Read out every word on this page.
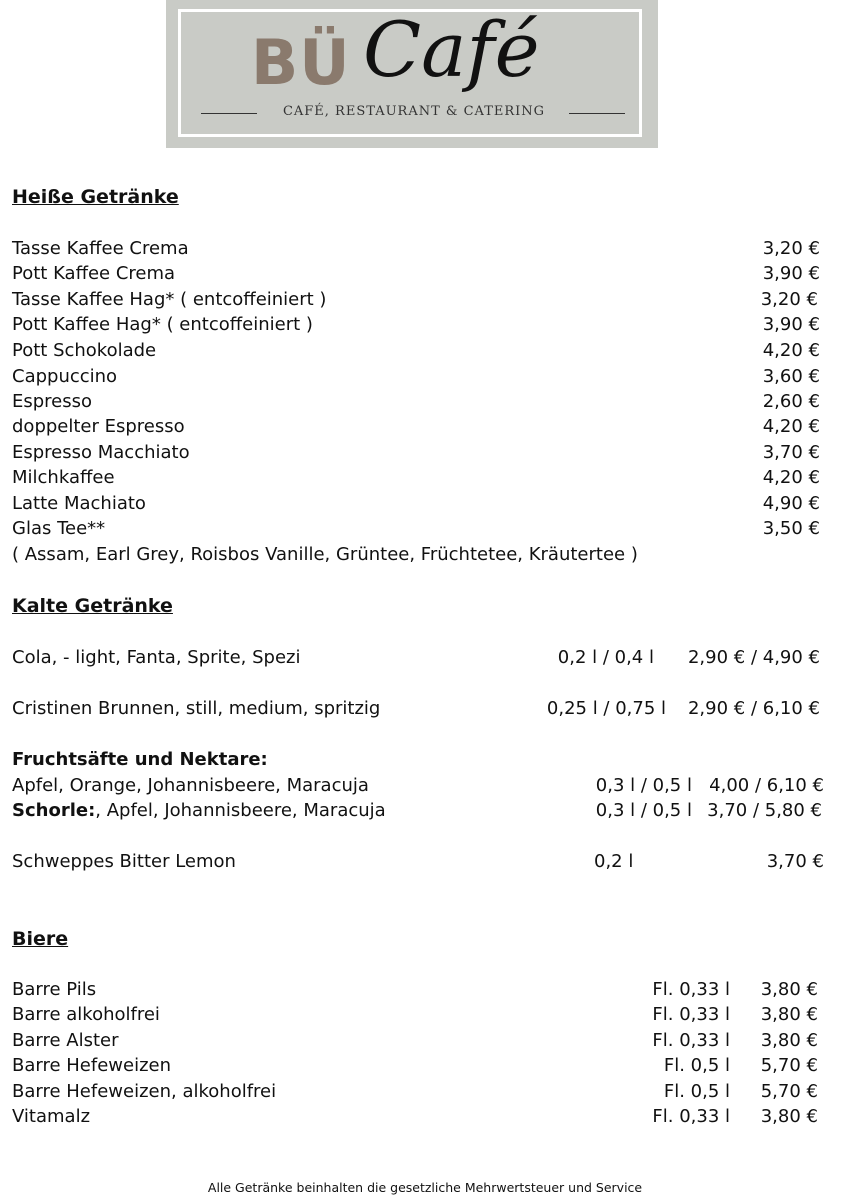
BÜ Café
CAFÉ, RESTAURANT & CATERING
Heiße Getränke
Tasse Kaffee Crema	3,20 €
Pott Kaffee Crema	3,90 €
Tasse Kaffee Hag* ( entcoffeiniert )	3,20 €
Pott Kaffee Hag* ( entcoffeiniert )	3,90 €
Pott Schokolade	4,20 €
Cappuccino	3,60 €
Espresso	2,60 €
doppelter Espresso	4,20 €
Espresso Macchiato	3,70 €
Milchkaffee	4,20 €
Latte Machiato	4,90 €
Glas Tee**	3,50 €
( Assam, Earl Grey, Roisbos Vanille, Grüntee, Früchtetee, Kräutertee )
Kalte Getränke
Cola, - light, Fanta, Sprite, Spezi	0,2 l / 0,4 l 2,90 € / 4,90 €
Cristinen Brunnen, still, medium, spritzig	0,25 l / 0,75 l 2,90 € / 6,10 €
Fruchtsäfte und Nektare:
Apfel, Orange, Johannisbeere, Maracuja	0,3 l / 0,5 l 4,00 / 6,10 €
Schorle:, Apfel, Johannisbeere, Maracuja	0,3 l / 0,5 l 3,70 / 5,80 €
Schweppes Bitter Lemon	0,2 l	3,70 €
Biere
Barre Pils	Fl. 0,33 l 3,80 €
Barre alkoholfrei	Fl. 0,33 l 3,80 €
Barre Alster	Fl. 0,33 l 3,80 €
Barre Hefeweizen	Fl. 0,5 l 5,70 €
Barre Hefeweizen, alkoholfrei	Fl. 0,5 l 5,70 €
Vitamalz	Fl. 0,33 l 3,80 €
Alle Getränke beinhalten die gesetzliche Mehrwertsteuer und Service
